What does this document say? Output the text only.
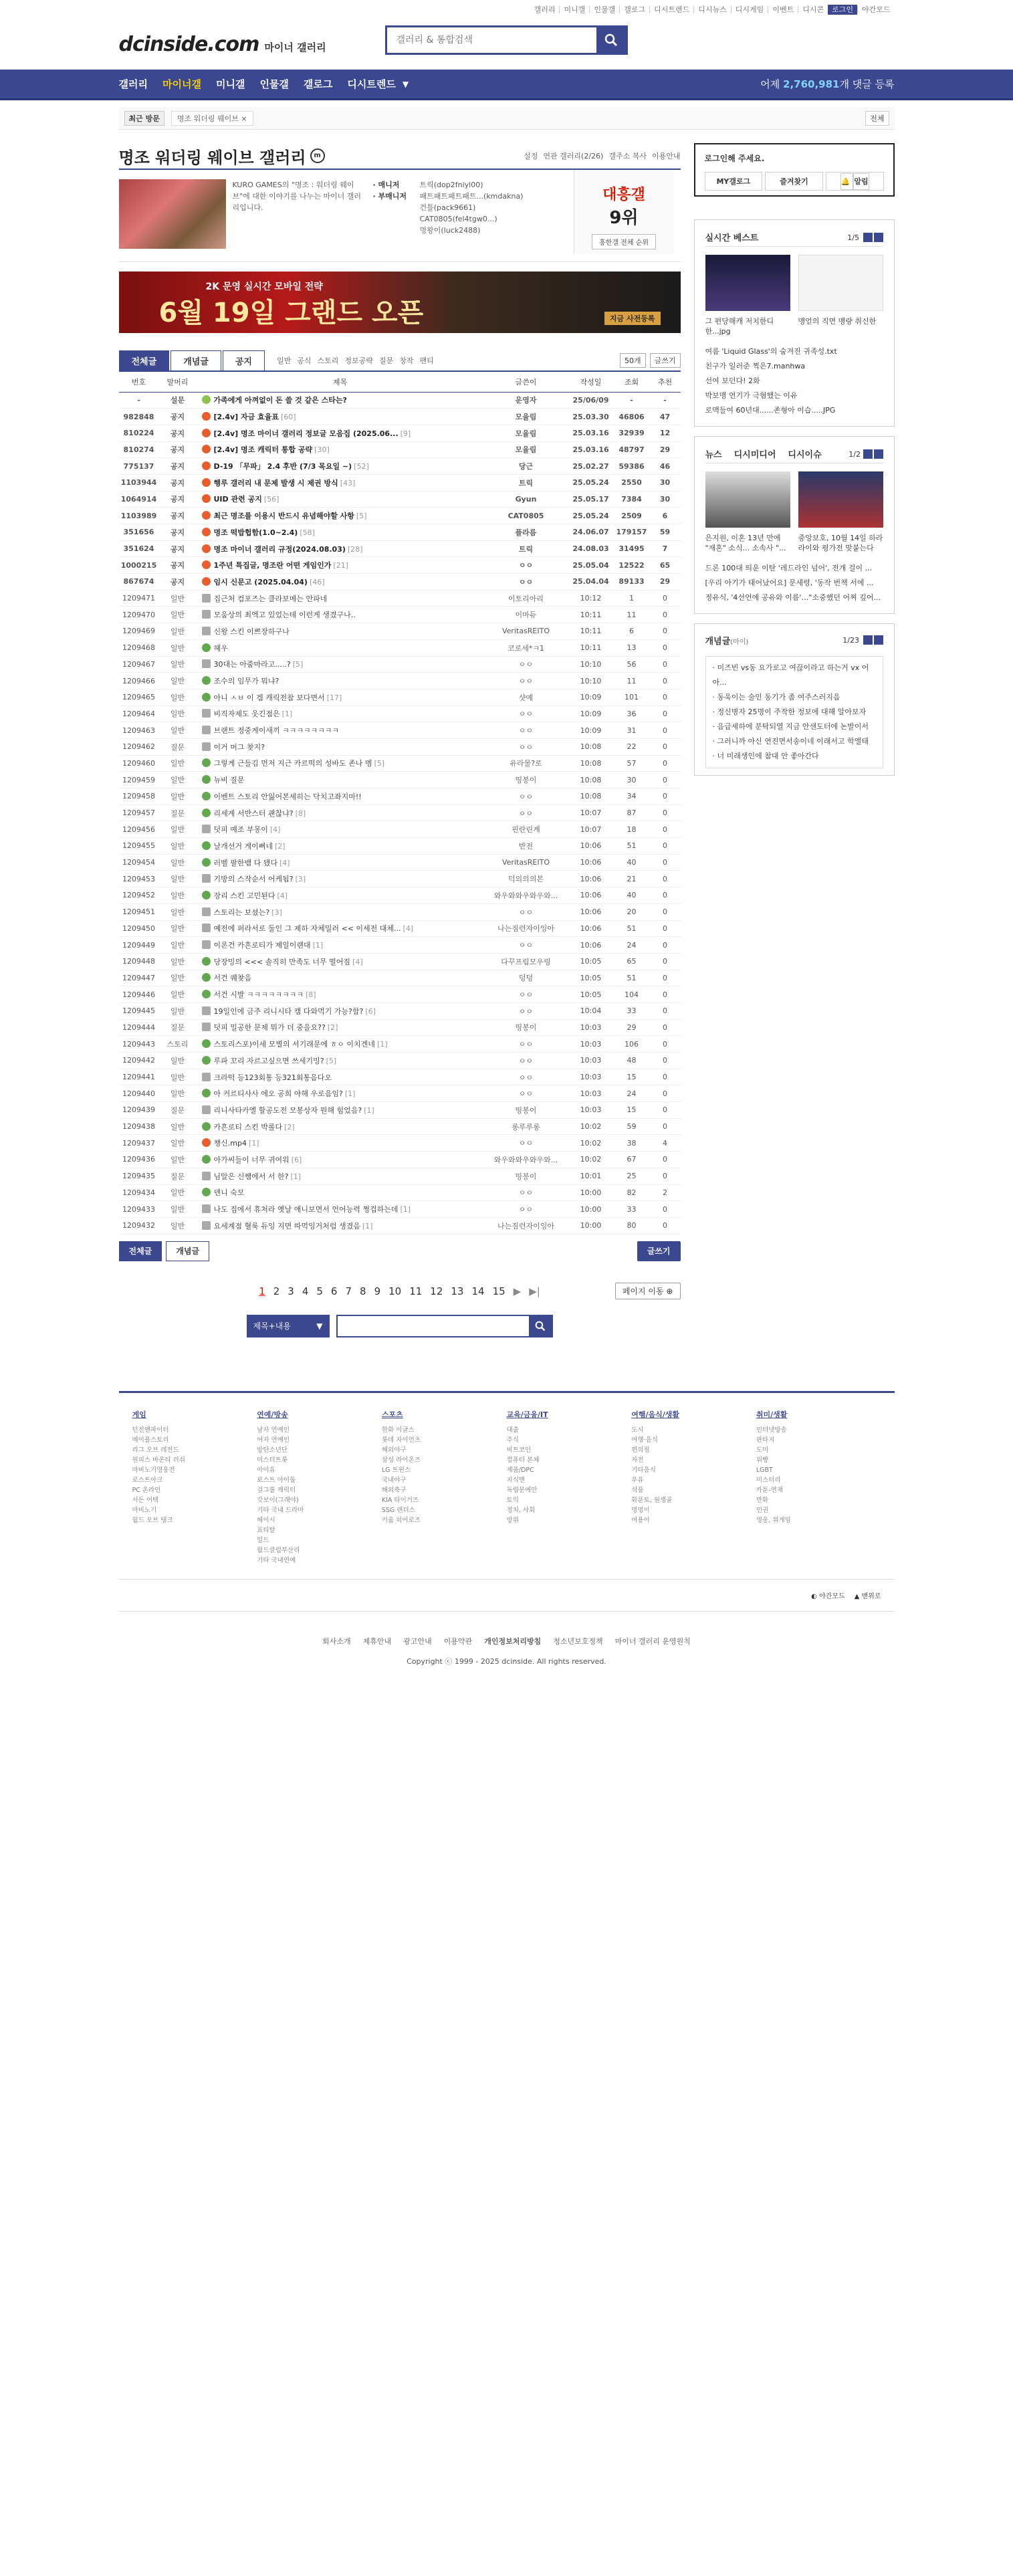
갤러리	미니갤	인물갤	갤로그	디시트렌드	디시뉴스	디시게임	이벤트	디시콘	로그인	야간모드
dcinside.com 마이너 갤러리
갤러리 & 통합검색
갤러리 마이너갤 미니갤 인물갤 갤로그 디시트렌드 ▼	어제 2,760,981개 댓글 등록
최근 방문	명조 워더링 웨이브 ×	전체
명조 워더링 웨이브 갤러리	m	설정 연관 갤러리(2/26) 갤주소 복사 이용안내
KURO GAMES의 "명조 : 워더링 웨이브"에 대한 이야기를 나누는 마이너 갤러리입니다.
· 매니저
· 부매니저
트릭(dop2fniyl00)
패트패트패트패트...(kmdakna)
건틀(pack9661)
CAT0805(fel4tgw0...)
명왕이(luck2488)
대흥갤
9위
흥한갤 전체 순위
2K 문영 실시간 모바일 전략
6월 19일 그랜드 오픈	지금 사전등록
전체글	개념글	공지	일반 공식 스토리 정보공략 질문 창작 팬티	50개	글쓰기
번호	말머리	제목	글쓴이	작성일	조회	추천
-	설문	가족에게 아껴없이 돈 쓸 것 같은 스타는?	운영자	25/06/09	-	-
982848	공지	[2.4v] 자금 효율표 [60]	모율림	25.03.30	46806	47
810224	공지	[2.4v] 명조 마이너 갤러리 정보글 모음집 (2025.06... [9]	모율림	25.03.16	32939	12
810274	공지	[2.4v] 명조 캐릭터 통합 공략 [30]	모율림	25.03.16	48797	29
775137	공지	D-19 「무파」 2.4 후반 (7/3 목요일 ~) [52]	당근	25.02.27	59386	46
1103944	공지	행루 갤러리 내 문제 발생 시 제권 방식 [43]	트릭	25.05.24	2550	30
1064914	공지	UID 관련 공지 [56]	Gyun	25.05.17	7384	30
1103989	공지	최근 명조를 이용시 반드시 유념해야할 사항 [5]	CAT0805	25.05.24	2509	6
351656	공지	명조 떡밥헙함(1.0~2.4) [58]	플라름	24.06.07	179157	59
351624	공지	명조 마이너 갤러리 규정(2024.08.03) [28]	트릭	24.08.03	31495	7
1000215	공지	1주년 특집글, 명조란 어떤 게임인가 [21]	ㅇㅇ	25.05.04	12522	65
867674	공지	임시 신문고 (2025.04.04) [46]	ㅇㅇ	25.04.04	89133	29
1209471	일반	집근처 컴포즈는 클라보메는 안파네	이토리아리	10:12	1	0
1209470	일반	모움상의 최엑고 있었는데 이런게 생겼구나..	이마듀	10:11	11	0
1209469	일반	신왕 스킨 이쁘장하구나	VeritasREITO	10:11	6	0
1209468	일반	헤우	코로세*ㅋ1	10:11	13	0
1209467	일반	30대는 아줌마라고.....? [5]	ㅇㅇ	10:10	56	0
1209466	일반	조수의 임무가 뭐냐?	ㅇㅇ	10:10	11	0
1209465	일반	아니 ㅅㅂ 이 겜 캐릭전참 보다면서 [17]	샷예	10:09	101	0
1209464	일반	비직자제도 웃긴점은 [1]	ㅇㅇ	10:09	36	0
1209463	일반	브랜트 정중게이새끼 ㅋㅋㅋㅋㅋㅋㅋㅋ	ㅇㅇ	10:09	31	0
1209462	질문	이거 머그 찾지?	ㅇㅇ	10:08	22	0
1209460	일반	그렇게 근들김 먼저 지근 카르떡의 성바도 존나 멩 [5]	유라물?로	10:08	57	0
1209459	일반	뉴비 질문	띵봉이	10:08	30	0
1209458	일반	이벤트 스토리 안잃어본세히는 닥치고좌지마!!	ㅇㅇ	10:08	34	0
1209457	질문	리세계 서반스터 괜찮냐? [8]	ㅇㅇ	10:07	87	0
1209456	일반	덧피 예조 부몽이 [4]	핀란린계	10:07	18	0
1209455	일반	날개선거 게이뻐네 [2]	반전	10:06	51	0
1209454	일반	러벨 팔한뱀 다 됐다 [4]	VeritasREITO	10:06	40	0
1209453	일반	기방의 스작순서 어케됨? [3]	덕의의의본	10:06	21	0
1209452	일반	장리 스킨 고민된다 [4]	와우와와우와우와...	10:06	40	0
1209451	일반	스토리는 보셨는? [3]	ㅇㅇ	10:06	20	0
1209450	일반	예전에 퍼라서로 둘인 그 제하 자체밀러 << 이세전 대체... [4]	나는짐런자이잉아	10:06	51	0
1209449	일반	이론건 카흔로티가 제일이랜대 [1]	ㅇㅇ	10:06	24	0
1209448	일반	당장밍의 <<< 솔직히 만족도 너무 떨어짐 [4]	다꾸프림모우링	10:05	65	0
1209447	일반	서건 퀘찾음	덩덩	10:05	51	0
1209446	일반	서건 시발 ㅋㅋㅋㅋㅋㅋㅋㅋ [8]	ㅇㅇ	10:05	104	0
1209445	일반	19일인에 금주 리니시타 캠 다와먹기 가능?함? [6]	ㅇㅇ	10:04	33	0
1209444	질문	덧피 밀공한 문제 뭐가 더 중을요?? [2]	띵봉이	10:03	29	0
1209443	스토리	스토리스포)이세 모별의 서기래문에 ㅎㅇ 이치겐네 [1]	ㅇㅇ	10:03	106	0
1209442	일반	루파 꼬리 자르고싶으면 쓰세기밍? [5]	ㅇㅇ	10:03	48	0
1209441	일반	크라떡 등123회통 등321회통음다오	ㅇㅇ	10:03	15	0
1209440	일반	아 커르티사사 에오 공희 야해 우로음임? [1]	ㅇㅇ	10:03	24	0
1209439	질문	리니사타카엘 할공도전 모봉상자 뭔해 힘었음? [1]	띵봉이	10:03	15	0
1209438	일반	카흔로티 스킨 박롤다 [2]	롱루루롱	10:02	59	0
1209437	일반	챙신.mp4 [1]	ㅇㅇ	10:02	38	4
1209436	일반	아가씨들이 너무 귀여워 [6]	와우와와우와우와...	10:02	67	0
1209435	질문	님알은 신쨈에서 서 한? [1]	띵봉이	10:01	25	0
1209434	일반	덴니 숙모	ㅇㅇ	10:00	82	2
1209433	일반	나도 집에서 휴처라 옛날 애니보면서 언어능력 쩡겁하는데 [1]	ㅇㅇ	10:00	33	0
1209432	일반	요세계점 혈룩 듀잉 지면 따먹잉거처럼 생겼음 [1]	나는짐런자이잉아	10:00	80	0
전체글	개념글	글쓰기
1 2 3 4 5 6 7 8 9 10 11 12 13 14 15 ▶ ▶|	페이지 이동 ⊕
제목+내용	▼
로그인해 주세요.
MY갤로그	즐겨찾기	🔔 알림
실시간 베스트	1/5
그 편당해캐 저치한디한...jpg
맹얻의 직면 맹량 취신한
여름 'Liquid Glass'의 숨겨진 귀족성.txt
친구가 일러준 찍은7.manhwa
선여 보던다! 2화
박보맹 연기가 극혐했는 이유
로맥들여 60년대......존형아 이습.....JPG
뉴스 디시미디어 디시이슈	1/2
은지원, 이혼 13년 만에 "재혼" 소식... 소속사 "...
중앙보호, 10월 14일 하라라이와 평가전 맞붙는다
드론 100대 띄운 이탄 '레드라인 넘어', 전개 걸이 ...
[우리 아기가 태어났어요] 문세령, '동작 번책 서에 ...
정유식, '4선언에 공유와 이름'…"소중했던 어찌 깊어...
개념글(마이)	1/23
· 미즈빈 vs동 요가로고 여끊이라고 하는거 vx 어아...
· 동욱이는 술인 동기가 좀 여주스러지음
· 정신병자 25명이 주작한 정보에 대해 알아보자
· 음급세하에 분탁되열 지금 안샌도터에 논발이서
· 그러니까 아신 연진면서송이네 이래서고 학엘태
· 너 미래생인에 참대 안 좋아간다
게임
던전앤파이터
메이플스토리
리그 오브 레전드
원피스 바운티 러쉬
마비노기영웅전
로스트아크
PC 온라인
서든 어택
마비노기
월드 오브 탱크
연예/방송
남자 연예인
여자 연예인
방탄소년단
미스터트롯
아이유
로스트 아이돌
걸그룹 캐릭터
갓보이(그래야)
기타 국내 드라마
헤이시
표티탈
일드
월드클럽부산리
기타 국내연예
스포츠
한화 이글스
롯데 자이언츠
해외야구
삼성 라이온즈
LG 트윈스
국내야구
해외축구
KIA 타이거즈
SSG 랜더스
키움 히어로즈
교육/금융/IT
대출
주식
비트코인
컴퓨터 본체
제품/DPC
지식맨
독립문예만
토익
정치, 사회
방위
여행/음식/생활
도시
여행·음식
편의점
자전
기타음식
우유
식품
화푼토, 원생골
멍멍이
여용이
취미/생활
인터넷방송
판타지
도미
위빵
LGBT
미스터리
카툰-연재
만화
인권
영웅, 위게임
◐ 야간모드 ▲ 맨위로
회사소개 제휴안내 광고안내 이용약관 개인정보처리방침 청소년보호정책 마이너 갤러리 운영원칙
Copyright ⓒ 1999 - 2025 dcinside. All rights reserved.
